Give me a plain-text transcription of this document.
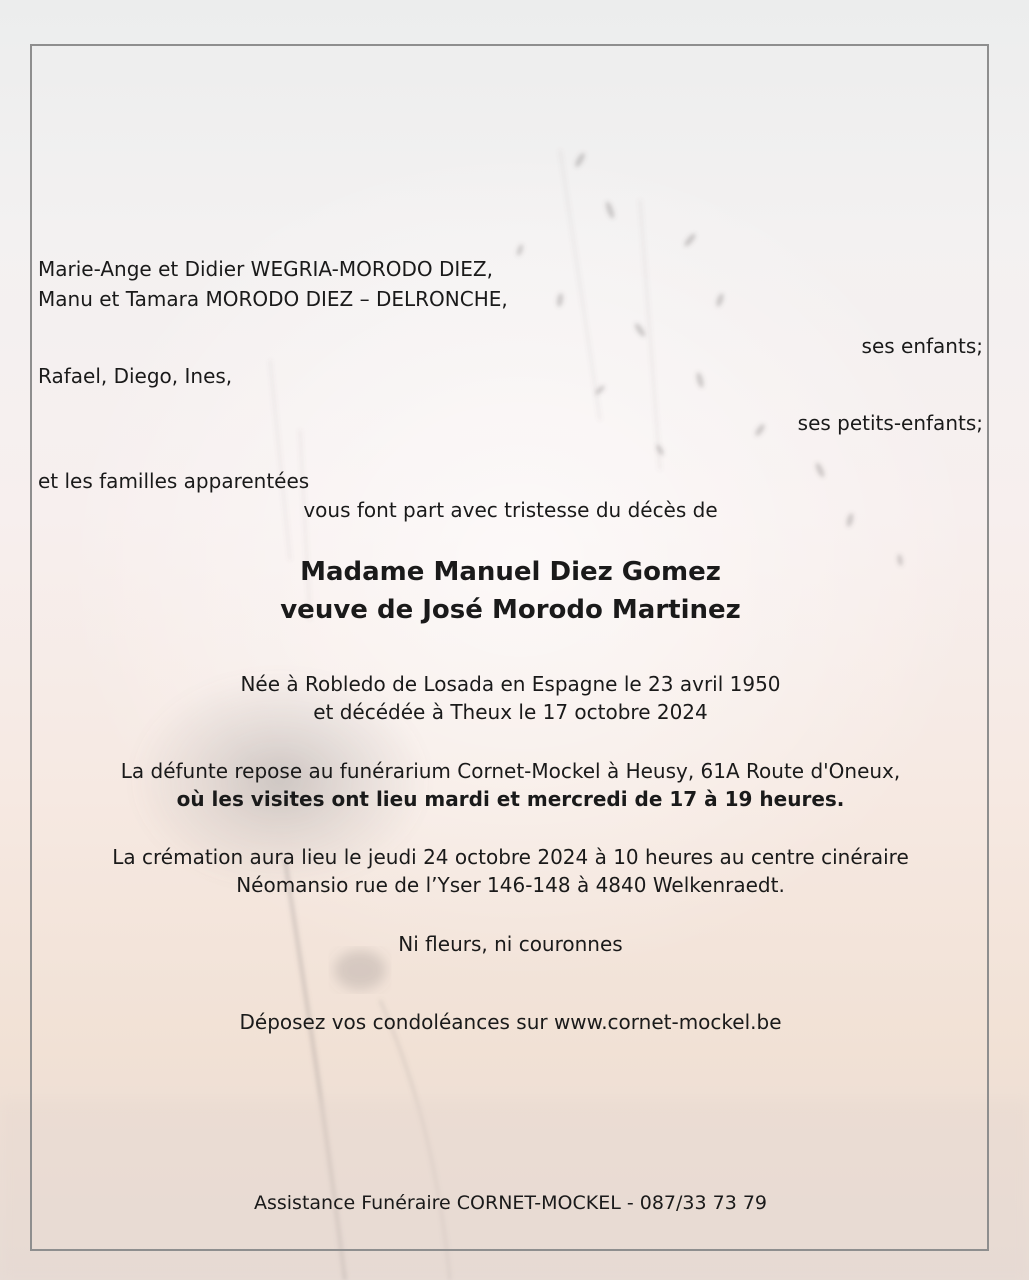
Marie-Ange et Didier WEGRIA-MORODO DIEZ,
Manu et Tamara MORODO DIEZ – DELRONCHE,
ses enfants;
Rafael, Diego, Ines,
ses petits-enfants;
et les familles apparentées
vous font part avec tristesse du décès de
Madame Manuel Diez Gomez
veuve de José Morodo Martinez
Née à Robledo de Losada en Espagne le 23 avril 1950
et décédée à Theux le 17 octobre 2024
La défunte repose au funérarium Cornet-Mockel à Heusy, 61A Route d'Oneux,
où les visites ont lieu mardi et mercredi de 17 à 19 heures.
La crémation aura lieu le jeudi 24 octobre 2024 à 10 heures au centre cinéraire
Néomansio rue de l’Yser 146-148 à 4840 Welkenraedt.
Ni fleurs, ni couronnes
Déposez vos condoléances sur www.cornet-mockel.be
Assistance Funéraire CORNET-MOCKEL - 087/33 73 79
